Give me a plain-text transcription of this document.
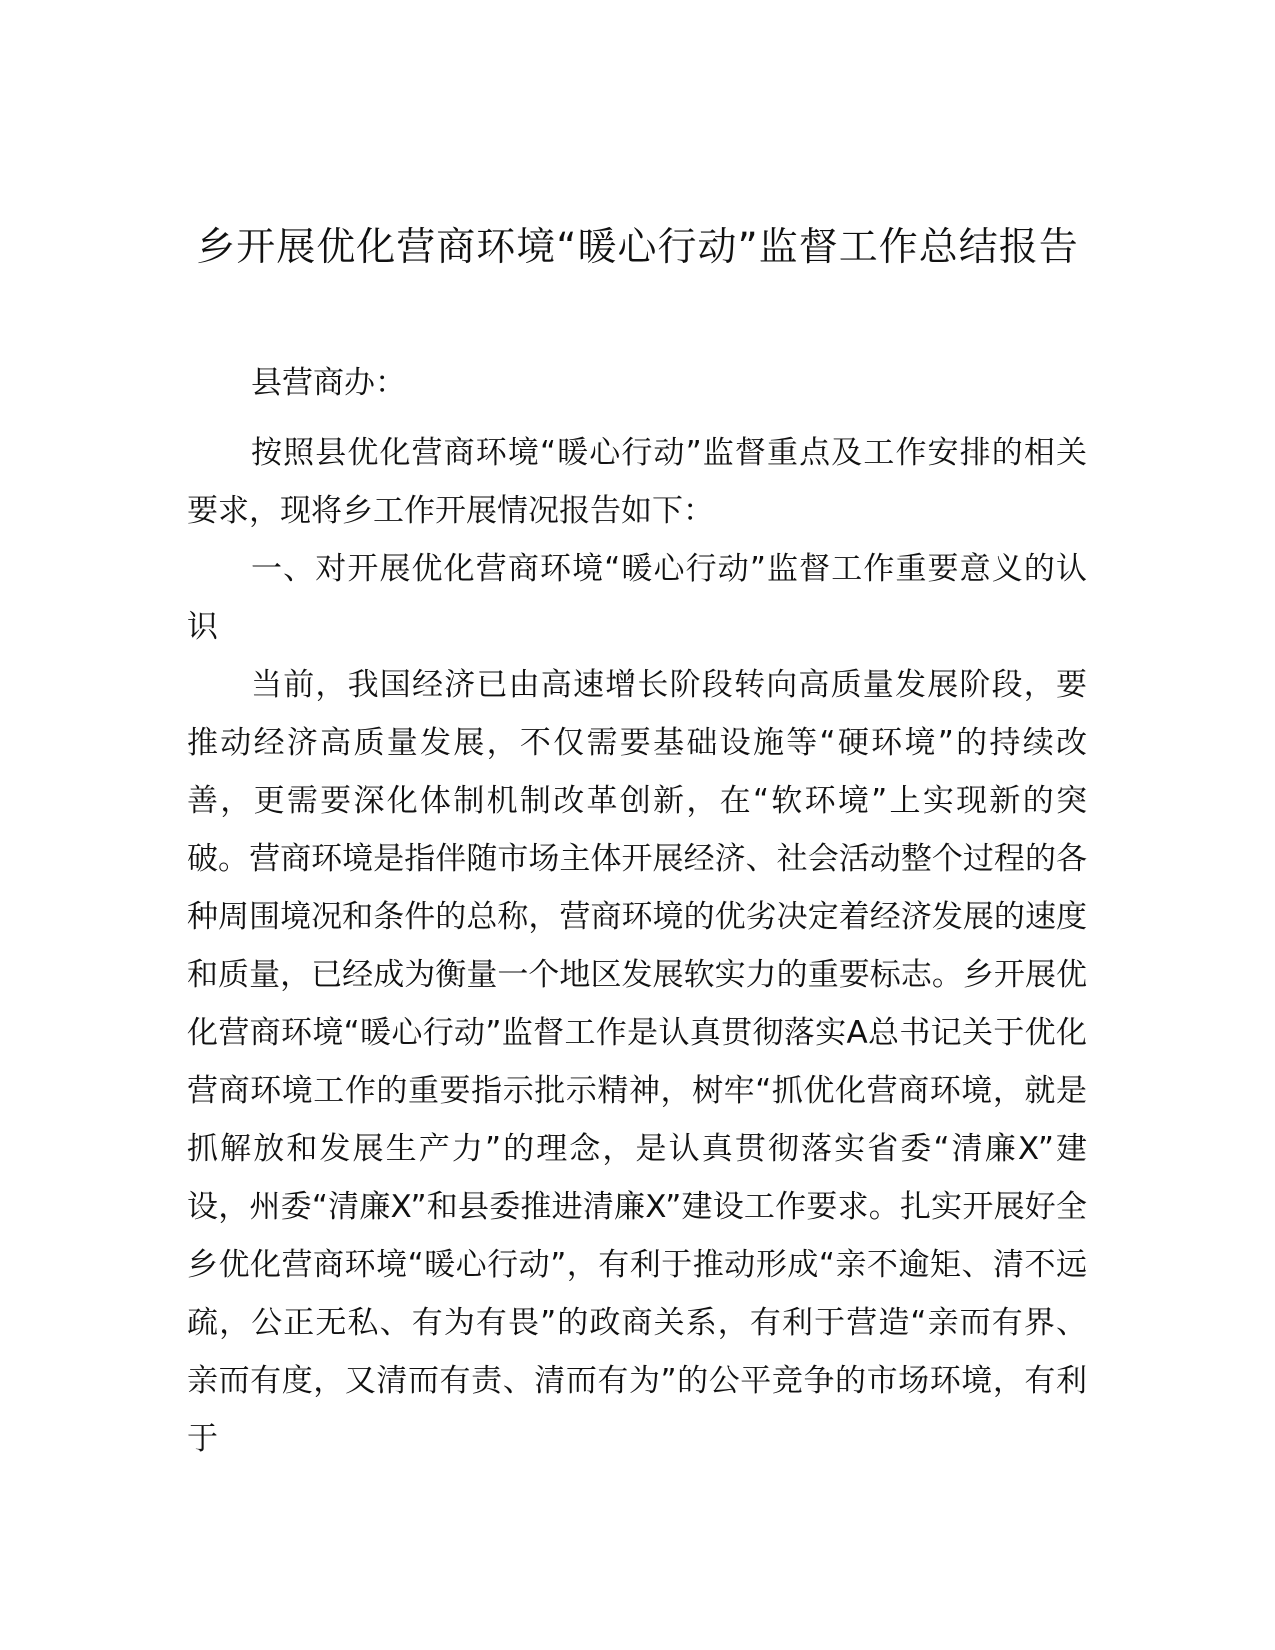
乡开展优化营商环境“暖心行动”监督工作总结报告

县营商办：

按照县优化营商环境“暖心行动”监督重点及工作安排的相关要求，现将乡工作开展情况报告如下：

一、对开展优化营商环境“暖心行动”监督工作重要意义的认识

当前，我国经济已由高速增长阶段转向高质量发展阶段，要推动经济高质量发展，不仅需要基础设施等“硬环境”的持续改善，更需要深化体制机制改革创新，在“软环境”上实现新的突破。营商环境是指伴随市场主体开展经济、社会活动整个过程的各种周围境况和条件的总称，营商环境的优劣决定着经济发展的速度和质量，已经成为衡量一个地区发展软实力的重要标志。乡开展优化营商环境“暖心行动”监督工作是认真贯彻落实A总书记关于优化营商环境工作的重要指示批示精神，树牢“抓优化营商环境，就是抓解放和发展生产力”的理念，是认真贯彻落实省委“清廉X”建设，州委“清廉X”和县委推进清廉X”建设工作要求。扎实开展好全乡优化营商环境“暖心行动”，有利于推动形成“亲不逾矩、清不远疏，公正无私、有为有畏”的政商关系，有利于营造“亲而有界、亲而有度，又清而有责、清而有为”的公平竞争的市场环境，有利于
